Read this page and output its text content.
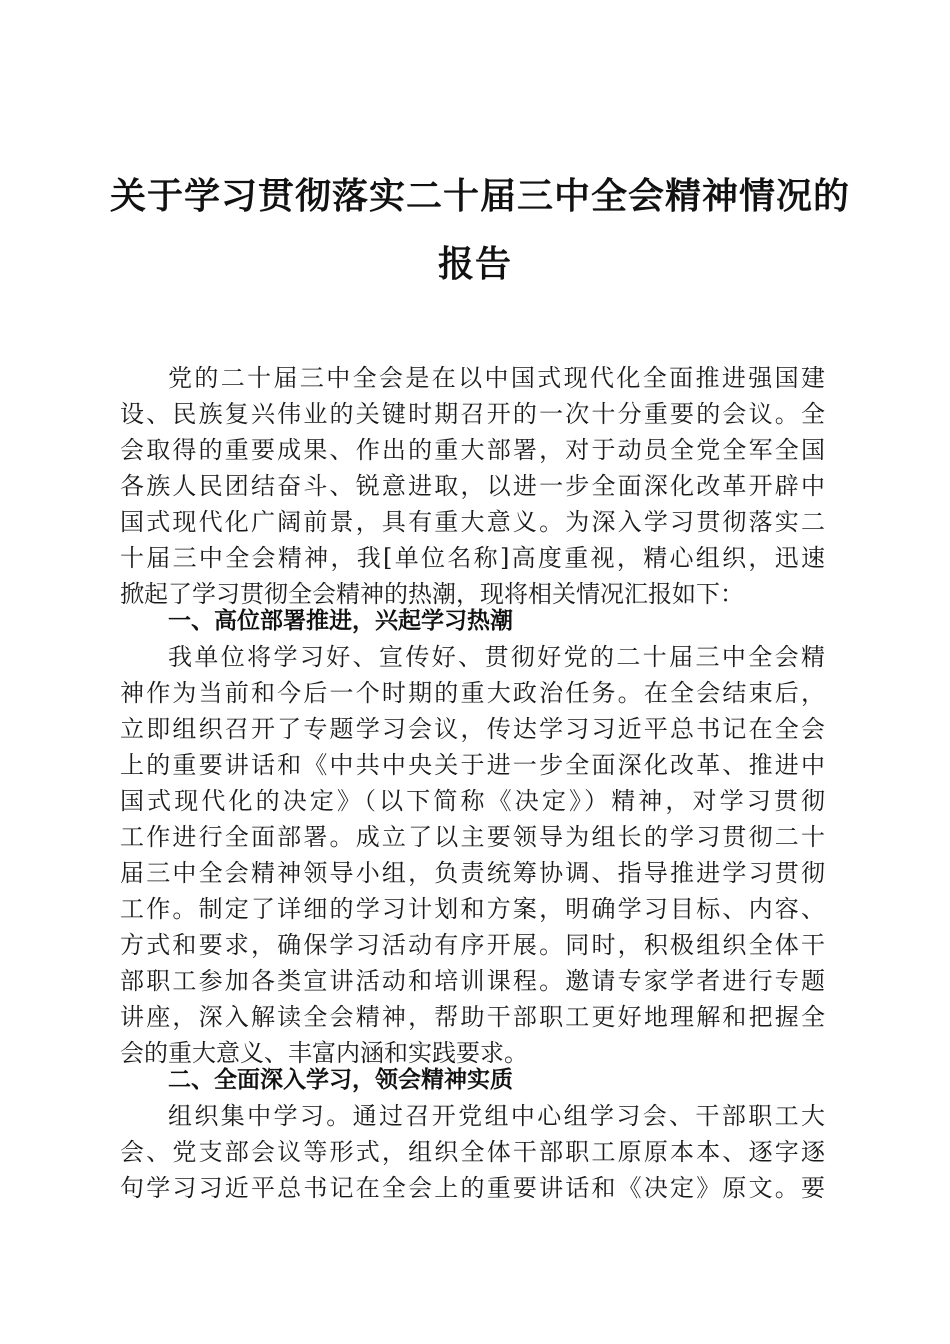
关于学习贯彻落实二十届三中全会精神情况的
报告
党的二十届三中全会是在以中国式现代化全面推进强国建
设、民族复兴伟业的关键时期召开的一次十分重要的会议。全
会取得的重要成果、作出的重大部署，对于动员全党全军全国
各族人民团结奋斗、锐意进取，以进一步全面深化改革开辟中
国式现代化广阔前景，具有重大意义。为深入学习贯彻落实二
十届三中全会精神，我[单位名称]高度重视，精心组织，迅速
掀起了学习贯彻全会精神的热潮，现将相关情况汇报如下：
一、高位部署推进，兴起学习热潮
我单位将学习好、宣传好、贯彻好党的二十届三中全会精
神作为当前和今后一个时期的重大政治任务。在全会结束后，
立即组织召开了专题学习会议，传达学习习近平总书记在全会
上的重要讲话和《中共中央关于进一步全面深化改革、推进中
国式现代化的决定》（以下简称《决定》）精神，对学习贯彻
工作进行全面部署。成立了以主要领导为组长的学习贯彻二十
届三中全会精神领导小组，负责统筹协调、指导推进学习贯彻
工作。制定了详细的学习计划和方案，明确学习目标、内容、
方式和要求，确保学习活动有序开展。同时，积极组织全体干
部职工参加各类宣讲活动和培训课程。邀请专家学者进行专题
讲座，深入解读全会精神，帮助干部职工更好地理解和把握全
会的重大意义、丰富内涵和实践要求。
二、全面深入学习，领会精神实质
组织集中学习。通过召开党组中心组学习会、干部职工大
会、党支部会议等形式，组织全体干部职工原原本本、逐字逐
句学习习近平总书记在全会上的重要讲话和《决定》原文。要
